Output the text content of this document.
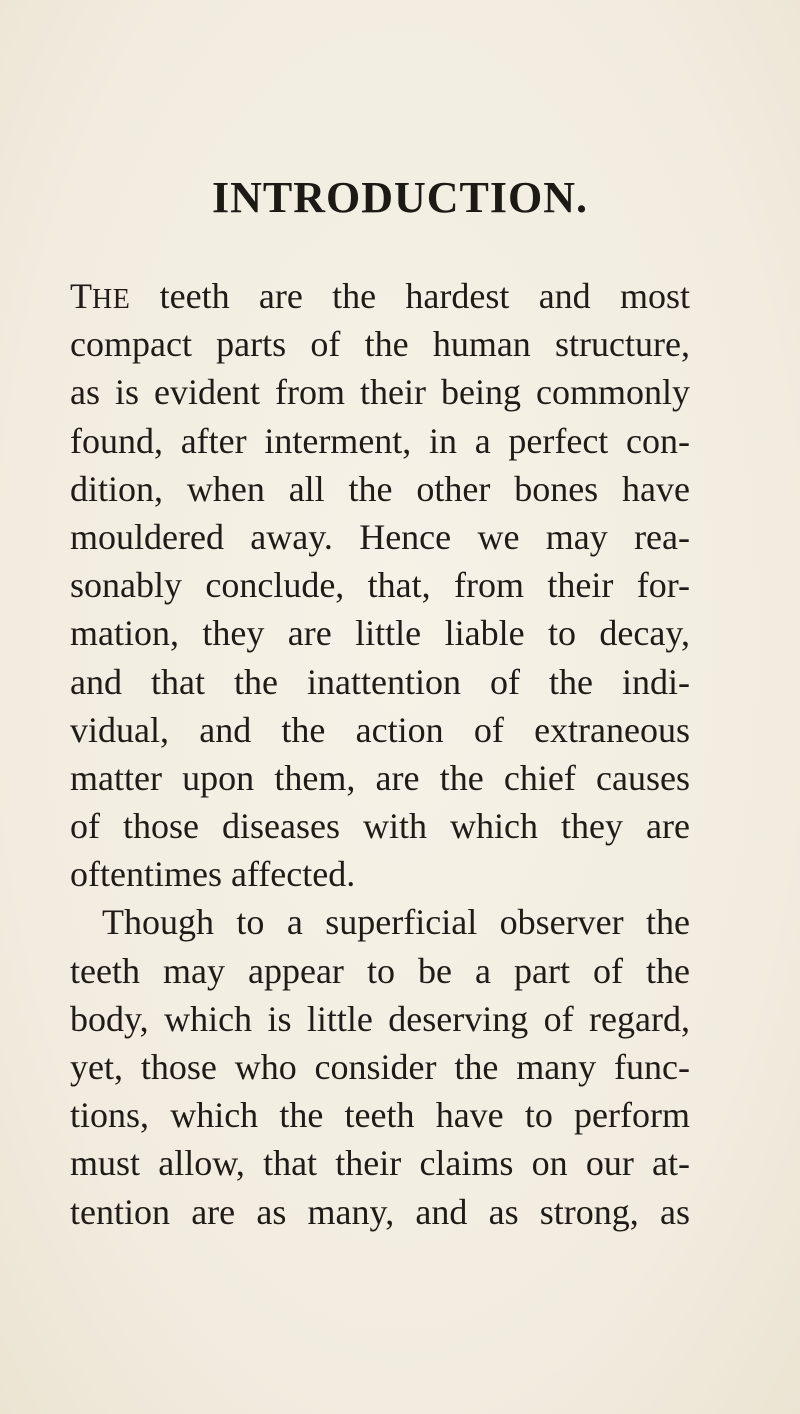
INTRODUCTION.
THE teeth are the hardest and most
compact parts of the human structure,
as is evident from their being commonly
found, after interment, in a perfect con-
dition, when all the other bones have
mouldered away. Hence we may rea-
sonably conclude, that, from their for-
mation, they are little liable to decay,
and that the inattention of the indi-
vidual, and the action of extraneous
matter upon them, are the chief causes
of those diseases with which they are
oftentimes affected.
Though to a superficial observer the
teeth may appear to be a part of the
body, which is little deserving of regard,
yet, those who consider the many func-
tions, which the teeth have to perform
must allow, that their claims on our at-
tention are as many, and as strong, as
